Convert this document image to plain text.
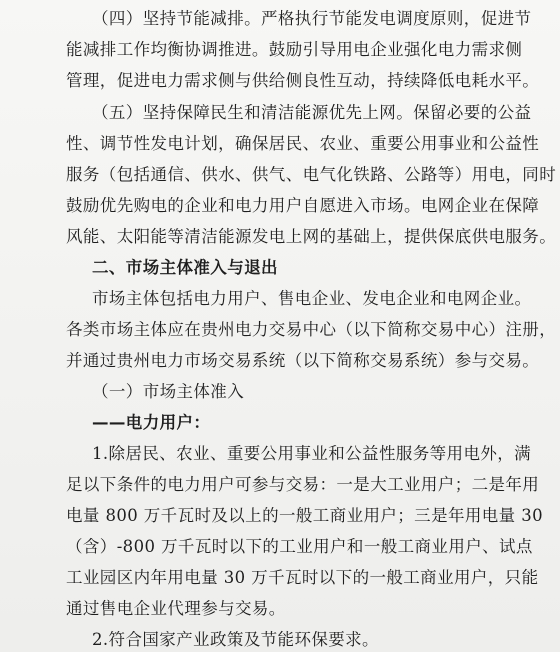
（四）坚持节能减排。严格执行节能发电调度原则，促进节
能减排工作均衡协调推进。鼓励引导用电企业强化电力需求侧
管理，促进电力需求侧与供给侧良性互动，持续降低电耗水平。
（五）坚持保障民生和清洁能源优先上网。保留必要的公益
性、调节性发电计划，确保居民、农业、重要公用事业和公益性
服务（包括通信、供水、供气、电气化铁路、公路等）用电，同时
鼓励优先购电的企业和电力用户自愿进入市场。电网企业在保障
风能、太阳能等清洁能源发电上网的基础上，提供保底供电服务。
二、市场主体准入与退出
市场主体包括电力用户、售电企业、发电企业和电网企业。
各类市场主体应在贵州电力交易中心（以下简称交易中心）注册，
并通过贵州电力市场交易系统（以下简称交易系统）参与交易。
（一）市场主体准入
——电力用户：
1.除居民、农业、重要公用事业和公益性服务等用电外，满
足以下条件的电力用户可参与交易：一是大工业用户；二是年用
电量 800 万千瓦时及以上的一般工商业用户；三是年用电量 30
（含）-800 万千瓦时以下的工业用户和一般工商业用户、试点
工业园区内年用电量 30 万千瓦时以下的一般工商业用户，只能
通过售电企业代理参与交易。
2.符合国家产业政策及节能环保要求。
